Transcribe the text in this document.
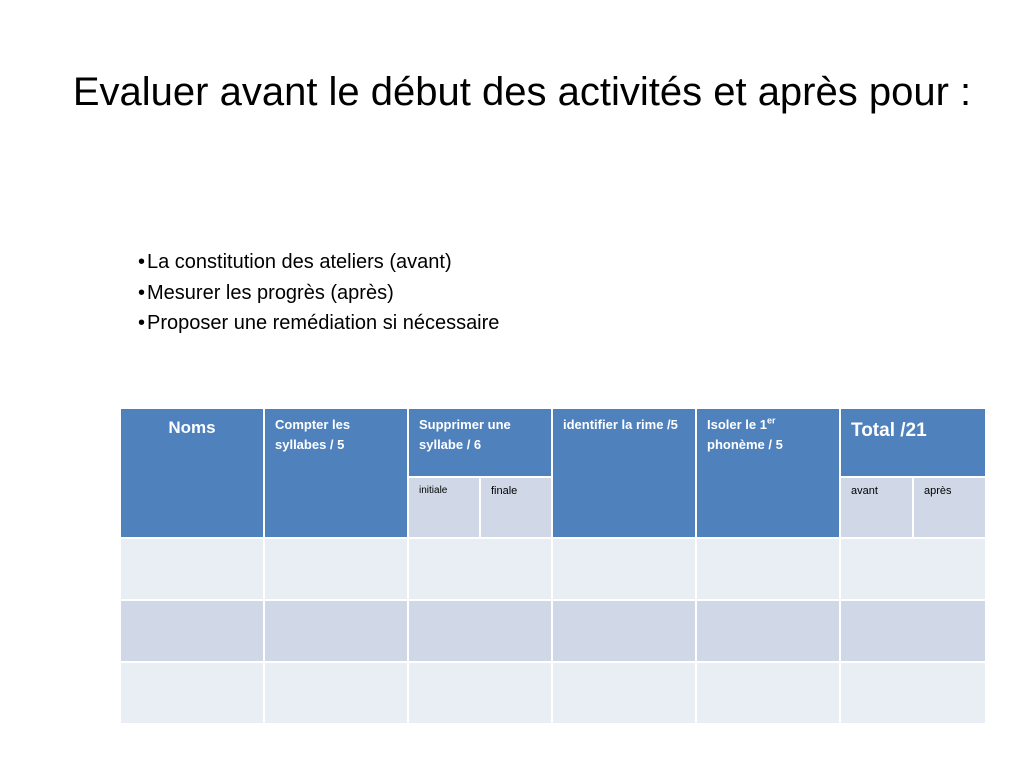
Evaluer avant le début des activités et après pour :
•La constitution des ateliers (avant)
•Mesurer les progrès (après)
•Proposer une remédiation si nécessaire
Noms	Compter les syllabes / 5	Supprimer une syllabe / 6		identifier la rime /5	Isoler le 1er phonème / 5	Total /21	
		initiale	finale			avant	après
